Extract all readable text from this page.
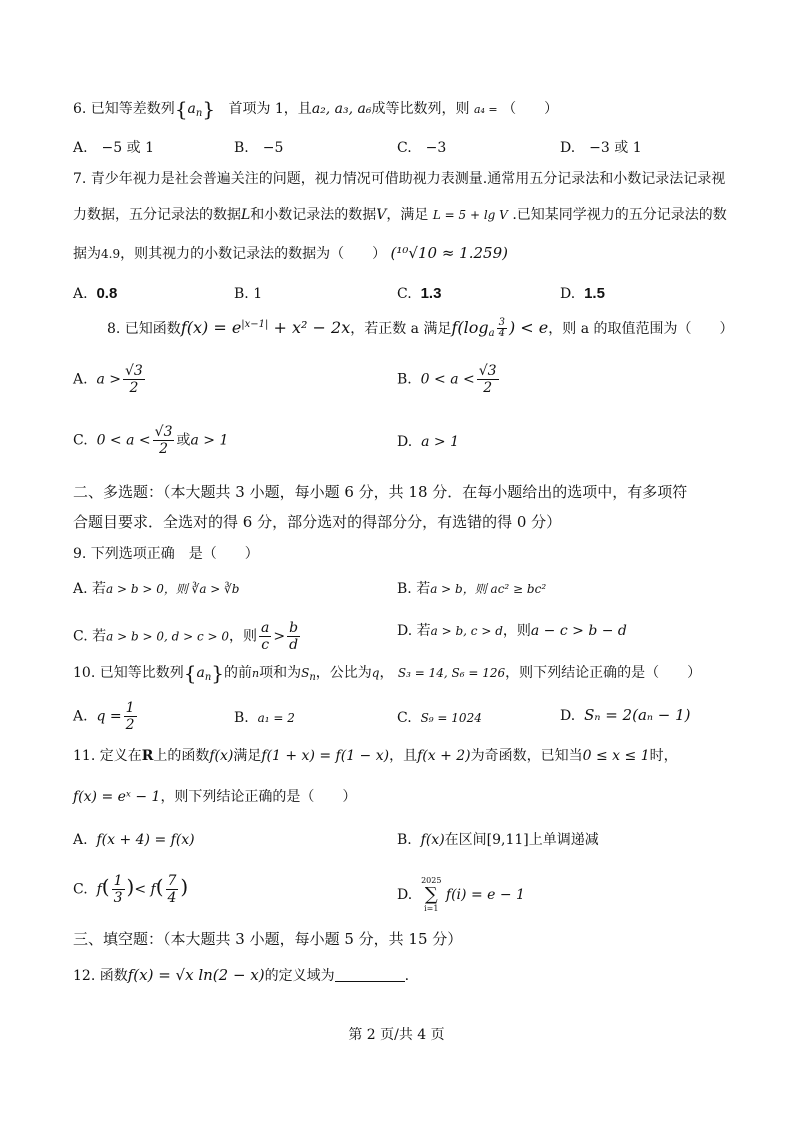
6. 已知等差数列$\{a_n\}$ 首项为 1，且a₂, a₃, a₆成等比数列，则 a₄ = （　　）
A.　−5 或 1	B.　−5	C.　−3	D.　−3 或 1
7. 青少年视力是社会普遍关注的问题，视力情况可借助视力表测量.通常用五分记录法和小数记录法记录视
力数据，五分记录法的数据L和小数记录法的数据V，满足 L = 5 + lg V .已知某同学视力的五分记录法的数
据为4.9，则其视力的小数记录法的数据为（　　） (¹⁰√10 ≈ 1.259)
A. 0.8	B. 1	C. 1.3	D. 1.5
8. 已知函数$f(x) = e^{|x-1|} + x^2 - 2x$，若正数 a 满足$f(\log_a \frac{3}{4}$ ) < e，则 a 的取值范围为（　　）
A. $a > \frac{√3}{2}$	B. $0 < a < \frac{√3}{2}$
C. $0 < a < \frac{√3}{2}$ 或a > 1	D. a > 1
二、多选题：（本大题共 3 小题，每小题 6 分，共 18 分．在每小题给出的选项中，有多项符
合题目要求．全选对的得 6 分，部分选对的得部分分，有选错的得 0 分）
9. 下列选项正确　是（　　）
A. 若a > b > 0，则 ∛a > ∛b	B. 若a > b，则 ac² ≥ bc²
C. 若a > b > 0, d > c > 0，则 $\frac{a}{c} > \frac{b}{d}$	D. 若a > b, c > d，则a − c > b − d
10. 已知等比数列$\{a_n\}$的前n项和为$S_n$，公比为q， S₃ = 14, S₆ = 126，则下列结论正确的是（　　）
A. $q = \frac{1}{2}$	B. a₁ = 2	C. S₉ = 1024	D. Sₙ = 2(aₙ − 1)
11. 定义在R上的函数f(x)满足f(1 + x) = f(1 − x)，且f(x + 2)为奇函数，已知当0 ≤ x ≤ 1时，
f(x) = eˣ − 1，则下列结论正确的是（　　）
A. f(x + 4) = f(x)	B. f(x)在区间[9,11]上单调递减
C. $f( \frac{1}{3}$ )< $f( \frac{7}{4}$ )	D.
2025
∑
i=1
f(i) = e − 1
三、填空题：（本大题共 3 小题，每小题 5 分，共 15 分）
12. 函数f(x) = √x ln(2 − x)的定义域为	.
第 2 页/共 4 页
